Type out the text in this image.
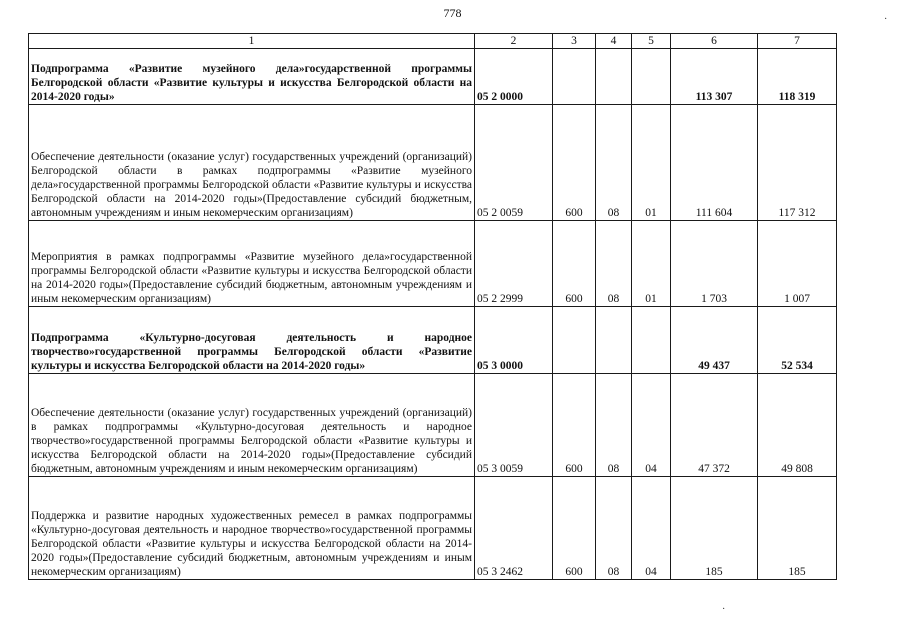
778
1	2	3	4	5	6	7
Подпрограмма «Развитие музейного дела»государственной программы Белгородской области «Развитие культуры и искусства Белгородской области на 2014-2020 годы»	05 2 0000				113 307	118 319
Обеспечение деятельности (оказание услуг) государственных учреждений (организаций) Белгородской области в рамках подпрограммы «Развитие музейного дела»государственной программы Белгородской области «Развитие культуры и искусства Белгородской области на 2014-2020 годы»(Предоставление субсидий бюджетным, автономным учреждениям и иным некомерческим организациям)	05 2 0059	600	08	01	111 604	117 312
Мероприятия в рамках подпрограммы «Развитие музейного дела»государственной программы Белгородской области «Развитие культуры и искусства Белгородской области на 2014-2020 годы»(Предоставление субсидий бюджетным, автономным учреждениям и иным некомерческим организациям)	05 2 2999	600	08	01	1 703	1 007
Подпрограмма «Культурно-досуговая деятельность и народное творчество»государственной программы Белгородской области «Развитие культуры и искусства Белгородской области на 2014-2020 годы»	05 3 0000				49 437	52 534
Обеспечение деятельности (оказание услуг) государственных учреждений (организаций) в рамках подпрограммы «Культурно-досуговая деятельность и народное творчество»государственной программы Белгородской области «Развитие культуры и искусства Белгородской области на 2014-2020 годы»(Предоставление субсидий бюджетным, автономным учреждениям и иным некомерческим организациям)	05 3 0059	600	08	04	47 372	49 808
Поддержка и развитие народных художественных ремесел в рамках подпрограммы «Культурно-досуговая деятельность и народное творчество»государственной программы Белгородской области «Развитие культуры и искусства Белгородской области на 2014-2020 годы»(Предоставление субсидий бюджетным, автономным учреждениям и иным некомерческим организациям)	05 3 2462	600	08	04	185	185
·
·
